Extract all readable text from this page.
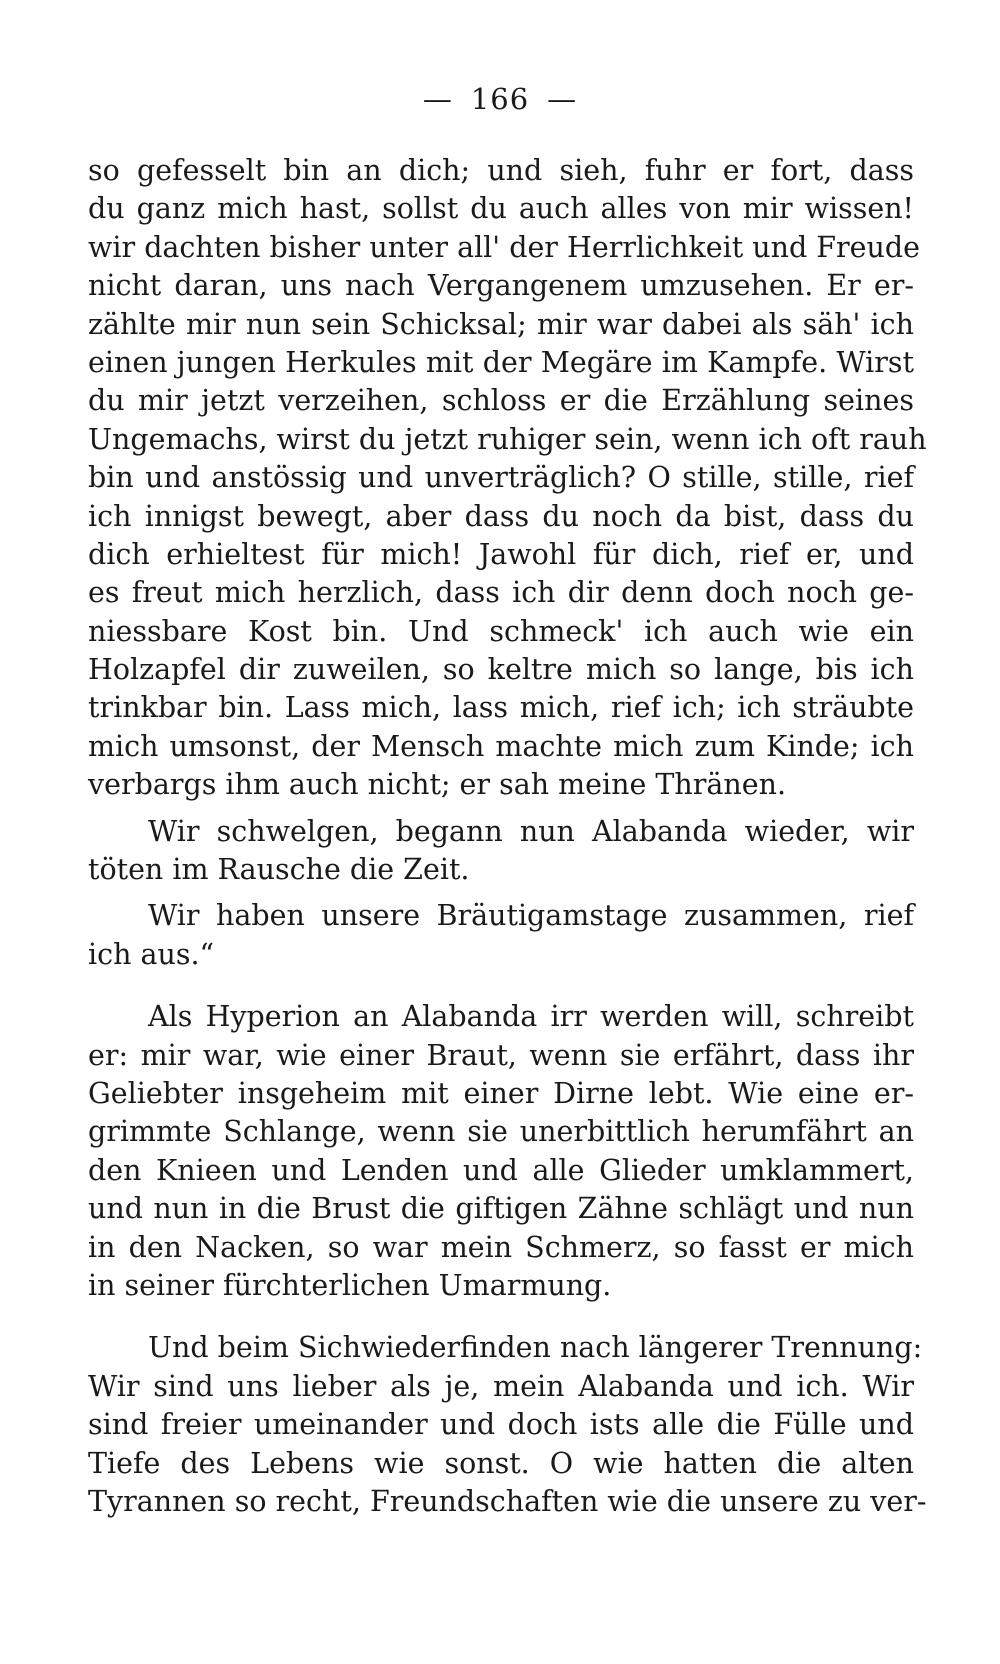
— 166 —

so gefesselt bin an dich; und sieh, fuhr er fort, dass
du ganz mich hast, sollst du auch alles von mir wissen!
wir dachten bisher unter all' der Herrlichkeit und Freude
nicht daran, uns nach Vergangenem umzusehen. Er er-
zählte mir nun sein Schicksal; mir war dabei als säh' ich
einen jungen Herkules mit der Megäre im Kampfe. Wirst
du mir jetzt verzeihen, schloss er die Erzählung seines
Ungemachs, wirst du jetzt ruhiger sein, wenn ich oft rauh
bin und anstössig und unverträglich? O stille, stille, rief
ich innigst bewegt, aber dass du noch da bist, dass du
dich erhieltest für mich! Jawohl für dich, rief er, und
es freut mich herzlich, dass ich dir denn doch noch ge-
niessbare Kost bin. Und schmeck' ich auch wie ein
Holzapfel dir zuweilen, so keltre mich so lange, bis ich
trinkbar bin. Lass mich, lass mich, rief ich; ich sträubte
mich umsonst, der Mensch machte mich zum Kinde; ich
verbargs ihm auch nicht; er sah meine Thränen.

Wir schwelgen, begann nun Alabanda wieder, wir
töten im Rausche die Zeit.

Wir haben unsere Bräutigamstage zusammen, rief
ich aus.“

Als Hyperion an Alabanda irr werden will, schreibt
er: mir war, wie einer Braut, wenn sie erfährt, dass ihr
Geliebter insgeheim mit einer Dirne lebt. Wie eine er-
grimmte Schlange, wenn sie unerbittlich herumfährt an
den Knieen und Lenden und alle Glieder umklammert,
und nun in die Brust die giftigen Zähne schlägt und nun
in den Nacken, so war mein Schmerz, so fasst er mich
in seiner fürchterlichen Umarmung.

Und beim Sichwiederfinden nach längerer Trennung:
Wir sind uns lieber als je, mein Alabanda und ich. Wir
sind freier umeinander und doch ists alle die Fülle und
Tiefe des Lebens wie sonst. O wie hatten die alten
Tyrannen so recht, Freundschaften wie die unsere zu ver-
